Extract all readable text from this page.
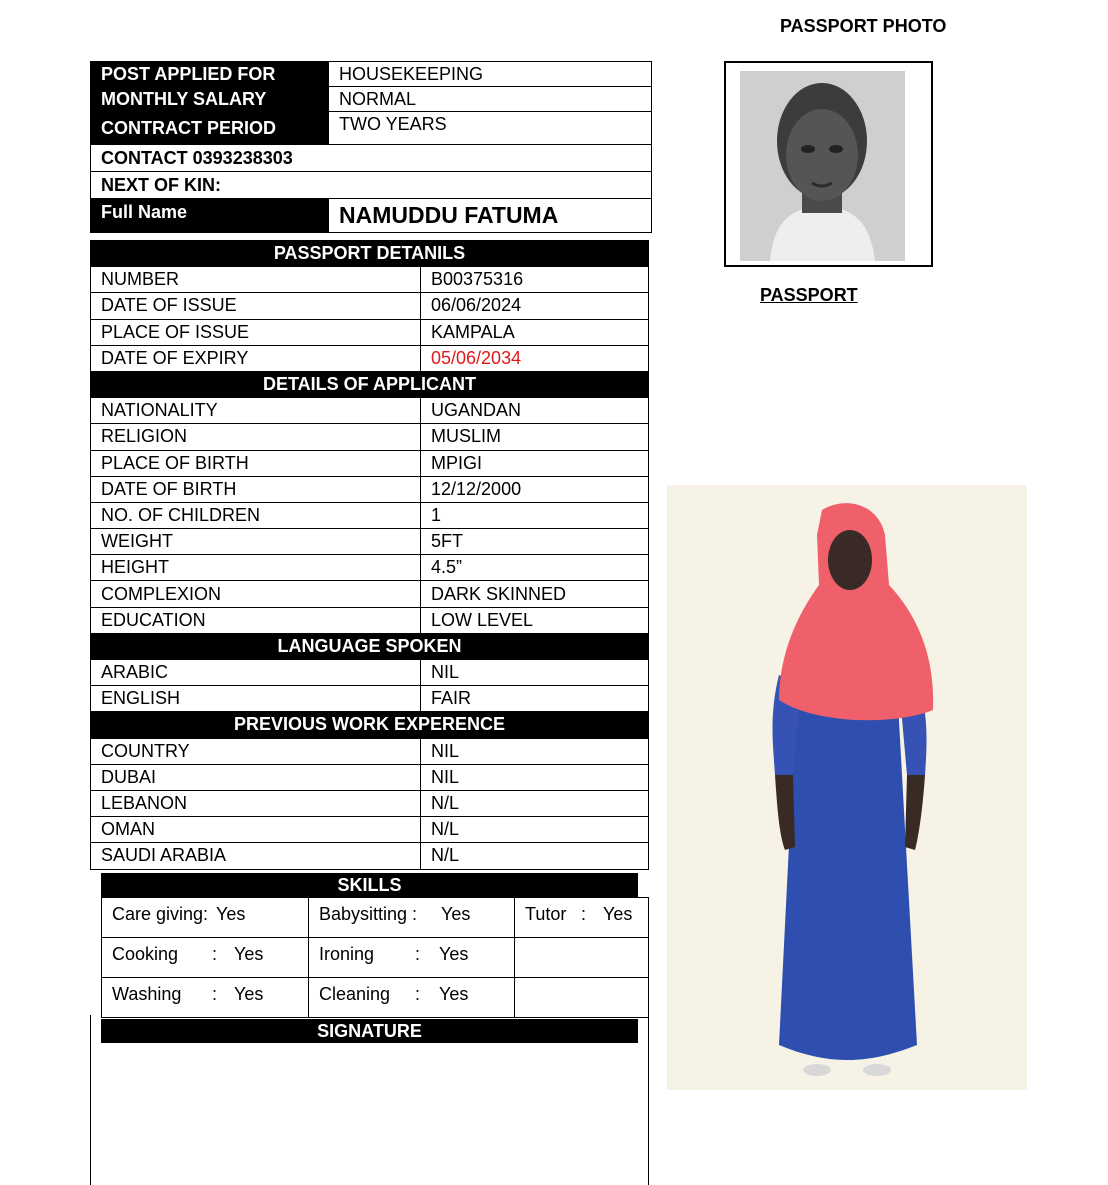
PASSPORT PHOTO
POST APPLIED FOR	HOUSEKEEPING
MONTHLY SALARY	NORMAL
CONTRACT PERIOD	TWO YEARS
CONTACT 0393238303	
NEXT OF KIN:	
Full Name	NAMUDDU FATUMA
PASSPORT DETANILS	
NUMBER	B00375316
DATE OF ISSUE	06/06/2024
PLACE OF ISSUE	KAMPALA
DATE OF EXPIRY	05/06/2034
DETAILS OF APPLICANT	
NATIONALITY	UGANDAN
RELIGION	MUSLIM
PLACE OF BIRTH	MPIGI
DATE OF BIRTH	12/12/2000
NO. OF CHILDREN	1
WEIGHT	5FT
HEIGHT	4.5”
COMPLEXION	DARK SKINNED
EDUCATION	LOW LEVEL
LANGUAGE SPOKEN	
ARABIC	NIL
ENGLISH	FAIR
PREVIOUS WORK EXPERENCE	
COUNTRY	NIL
DUBAI	NIL
LEBANON	N/L
OMAN	N/L
SAUDI ARABIA	N/L
SKILLS
Care giving: Yes	Babysitting : Yes	Tutor : Yes
Cooking : Yes	Ironing : Yes	
Washing : Yes	Cleaning : Yes	
SIGNATURE
PASSPORT
